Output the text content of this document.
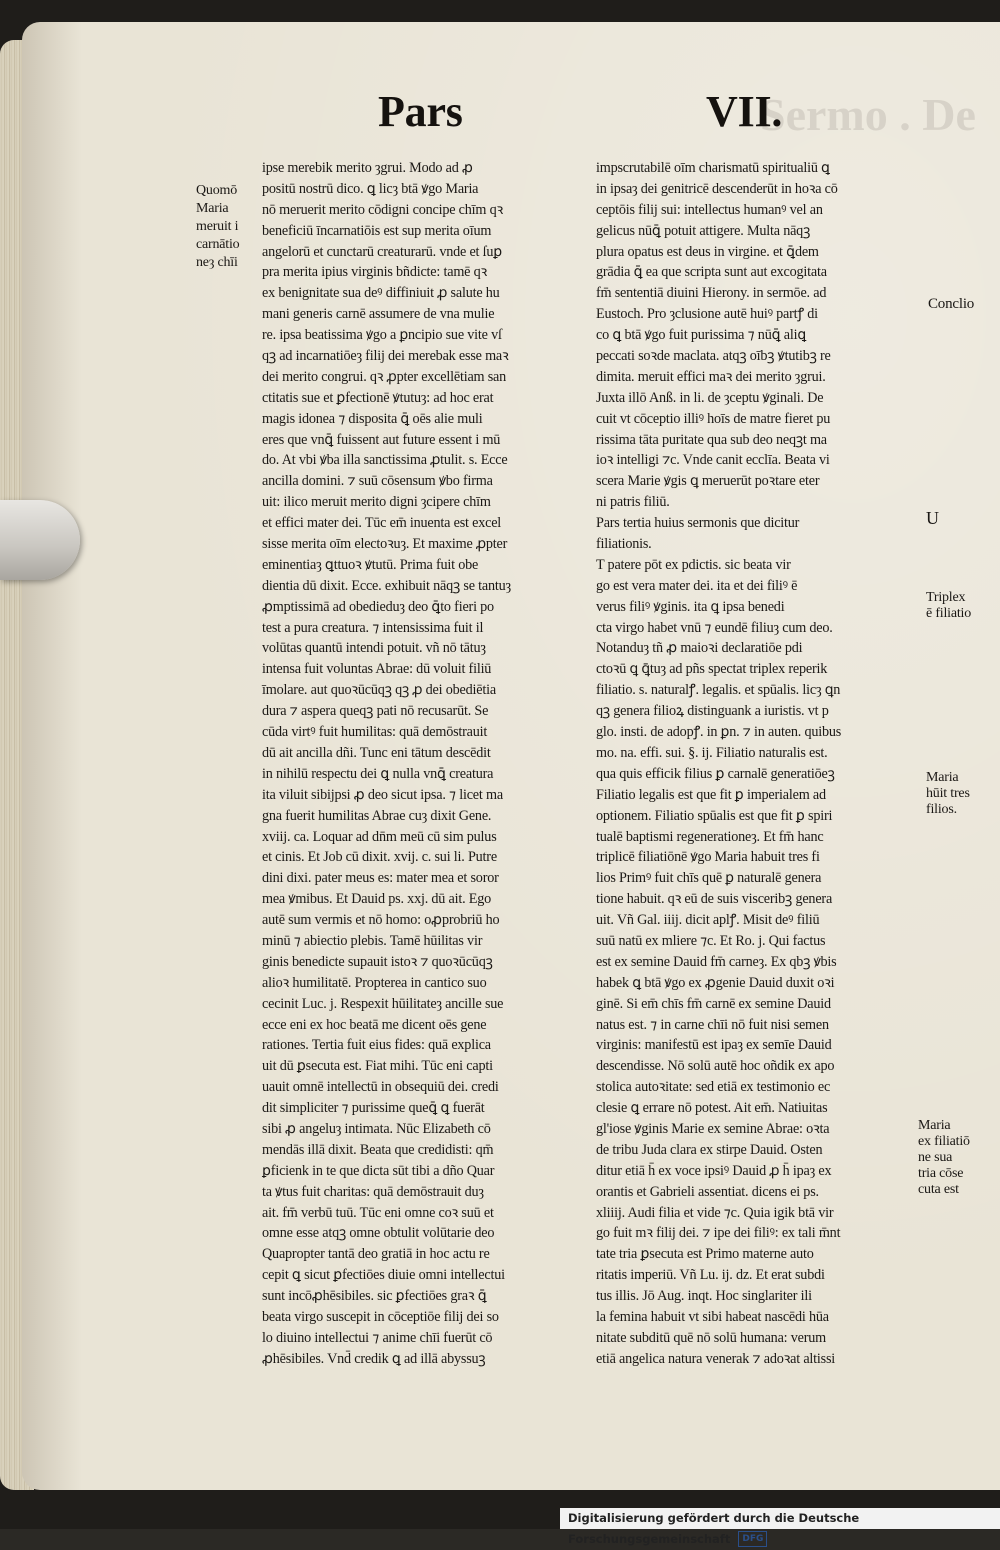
Sermo . De
Pars	VII.
ipse merebik merito ȝgrui. Modo ad ꝓ
positū nostrū dico. ꝗ licȝ btā ꝟgo Maria
nō meruerit merito cōdigni concipe chīm qꝛ
beneficiū īncarnatiōis est sup merita oīum
angelorū et cunctarū creaturarū. vnde et ſuꝑ
pra merita ipius virginis bñdicte: tamē qꝛ
ex benignitate sua deꝰ diffiniuit ꝓ salute hu
mani generis carnē assumere de vna mulie
re. ipsa beatissima ꝟgo a ꝑncipio sue vite vſ
qꝫ ad incarnatiōeȝ filij dei merebak esse maꝛ
dei merito congrui. qꝛ ꝓpter excellētiam san
ctitatis sue et ꝑfectionē ꝟtutuȝ: ad hoc erat
magis idonea ⁊ disposita ꝗ̄ oēs alie muli
eres que vnꝗ̄ fuissent aut future essent i mū
do. At vbi ꝟba illa sanctissima ꝓtulit. s. Ecce
ancilla domini. ⁊ suū cōsensum ꝟbo firma
uit: ilico meruit merito digni ȝcipere chīm
et effici mater dei. Tūc em̄ inuenta est excel
sisse merita oīm electoꝛuȝ. Et maxime ꝓpter
eminentiaȝ ꝗttuoꝛ ꝟtutū. Prima fuit obe
dientia dū dixit. Ecce. exhibuit nāqꝫ se tantuȝ
ꝓmptissimā ad obedieduȝ deo ꝗ̄to fieri po
test a pura creatura. ⁊ intensissima fuit il
volūtas quantū intendi potuit. vñ nō tātuȝ
intensa fuit voluntas Abrae: dū voluit filiū
īmolare. aut quoꝛūcūqꝫ qꝫ ꝓ dei obediētia
dura ⁊ aspera queqꝫ pati nō recusarūt. Se
cūda virtꝰ fuit humilitas: quā demōstrauit
dū ait ancilla dñi. Tunc eni tātum descēdit
in nihilū respectu dei ꝗ nulla vnꝗ̄ creatura
ita viluit sibijpsi ꝓ deo sicut ipsa. ⁊ licet ma
gna fuerit humilitas Abrae cuȝ dixit Gene.
xviij. ca. Loquar ad dn̄m meū cū sim pulus
et cinis. Et Job cū dixit. xvij. c. sui li. Putre
dini dixi. pater meus es: mater mea et soror
mea ꝟmibus. Et Dauid ps. xxj. dū ait. Ego
autē sum vermis et nō homo: oꝓprobriū ho
minū ⁊ abiectio plebis. Tamē hūilitas vir
ginis benedicte supauit istoꝛ ⁊ quoꝛūcūqꝫ
alioꝛ humilitatē. Propterea in cantico suo
cecinit Luc. j. Respexit hūilitateȝ ancille sue
ecce eni ex hoc beatā me dicent oēs gene
rationes. Tertia fuit eius fides: quā explica
uit dū ꝑsecuta est. Fiat mihi. Tūc eni capti
uauit omnē intellectū in obsequiū dei. credi
dit simpliciter ⁊ purissime queꝗ̄ ꝗ fuerāt
sibi ꝓ angeluȝ intimata. Nūc Elizabeth cō
mendās illā dixit. Beata que credidisti: qm̄
ꝑficienk in te que dicta sūt tibi a dño Quar
ta ꝟtus fuit charitas: quā demōstrauit duȝ
ait. fm̄ verbū tuū. Tūc eni omne coꝛ suū et
omne esse atqꝫ omne obtulit volūtarie deo
Quapropter tantā deo gratiā in hoc actu re
cepit ꝗ sicut ꝑfectiōes diuie omni intellectui
sunt incōꝓhēsibiles. sic ꝑfectiōes graꝛ ꝗ̄
beata virgo suscepit in cōceptiōe filij dei so
lo diuino intellectui ⁊ anime chīi fuerūt cō
ꝓhēsibiles. Vnd̄ credik ꝗ ad illā abyssuꝫ
impscrutabilē oīm charismatū spiritualiū ꝗ
in ipsaȝ dei genitricē descenderūt in hoꝛa cō
ceptōis filij sui: intellectus humanꝰ vel an
gelicus nūꝗ̄ potuit attigere. Multa nāqꝫ
plura opatus est deus in virgine. et ꝗ̄dem
grādia ꝗ̄ ea que scripta sunt aut excogitata
fm̄ sententiā diuini Hierony. in sermōe. ad
Eustoch. Pro ȝclusione autē huiꝰ partꝭ di
co ꝗ btā ꝟgo fuit purissima ⁊ nūꝗ̄ aliꝗ
peccati soꝛde maclata. atqꝫ oībꝫ ꝟtutibꝫ re
dimita. meruit effici maꝛ dei merito ȝgrui.
Juxta illō Anß. in li. de ȝceptu ꝟginali. De
cuit vt cōceptio illiꝰ hoīs de matre fieret pu
rissima tāta puritate qua sub deo neqꝫt ma
ioꝛ intelligi ⁊c. Vnde canit ecclīa. Beata vi
scera Marie ꝟgis ꝗ meruerūt poꝛtare eter
ni patris filiū.
Pars tertia huius sermonis que dicitur
filiationis.
T patere pōt ex pdictis. sic beata vir
go est vera mater dei. ita et dei filiꝰ ē
verus filiꝰ ꝟginis. ita ꝗ ipsa benedi
cta virgo habet vnū ⁊ eundē filiuȝ cum deo.
Notanduȝ tñ ꝓ maioꝛi declaratiōe pdi
ctoꝛū ꝗ ꝗ̄tuȝ ad pñs spectat triplex reperik
filiatio. s. naturalꝭ. legalis. et spūalis. licȝ ꝗn
qꝫ genera filioꝝ distinguank a iuristis. vt p
glo. insti. de adopꝭ. in ꝑn. ⁊ in auten. quibus
mo. na. effi. sui. §. ij. Filiatio naturalis est.
qua quis efficik filius ꝑ carnalē generatiōeꝫ
Filiatio legalis est que fit ꝑ imperialem ad
optionem. Filiatio spūalis est que fit ꝑ spiri
tualē baptismi regenerationeȝ. Et fm̄ hanc
triplicē filiatiōnē ꝟgo Maria habuit tres fi
lios Primꝰ fuit chīs quē ꝑ naturalē genera
tione habuit. qꝛ eū de suis visceribꝫ genera
uit. Vñ Gal. iiij. dicit aplꝭ. Misit deꝰ filiū
suū natū ex mliere ⁊c. Et Ro. j. Qui factus
est ex semine Dauid fm̄ carneȝ. Ex qbꝫ ꝟbis
habek ꝗ btā ꝟgo ex ꝓgenie Dauid duxit oꝛi
ginē. Si em̄ chīs fm̄ carnē ex semine Dauid
natus est. ⁊ in carne chīi nō fuit nisi semen
virginis: manifestū est ipaȝ ex semīe Dauid
descendisse. Nō solū autē hoc oñdik ex apo
stolica autoꝛitate: sed etiā ex testimonio ec
clesie ꝗ errare nō potest. Ait em̄. Natiuitas
gl'iose ꝟginis Marie ex semine Abrae: oꝛta
de tribu Juda clara ex stirpe Dauid. Osten
ditur etiā h̄ ex voce ipsiꝰ Dauid ꝓ h̄ ipaȝ ex
orantis et Gabrieli assentiat. dicens ei ps.
xliiij. Audi filia et vide ⁊c. Quia igik btā vir
go fuit mꝛ filij dei. ⁊ ipe dei filiꝰ: ex tali m̄nt
tate tria ꝑsecuta est Primo materne auto
ritatis imperiū. Vñ Lu. ij. dz. Et erat subdi
tus illis. Jō Aug. inqt. Hoc singlariter ili
la femina habuit vt sibi habeat nascēdi hūa
nitate subditū quē nō solū humana: verum
etiā angelica natura venerak ⁊ adoꝛat altissi
Quomō
Maria
meruit i
carnātio
neȝ chīi
Conclio
U
Triplex
ē filiatio
Maria
hūit tres
filios.
Maria
ex filiatiō
ne sua
tria cōse
cuta est
Digitalisierung gefördert durch die Deutsche Forschungsgemeinschaft DFG
